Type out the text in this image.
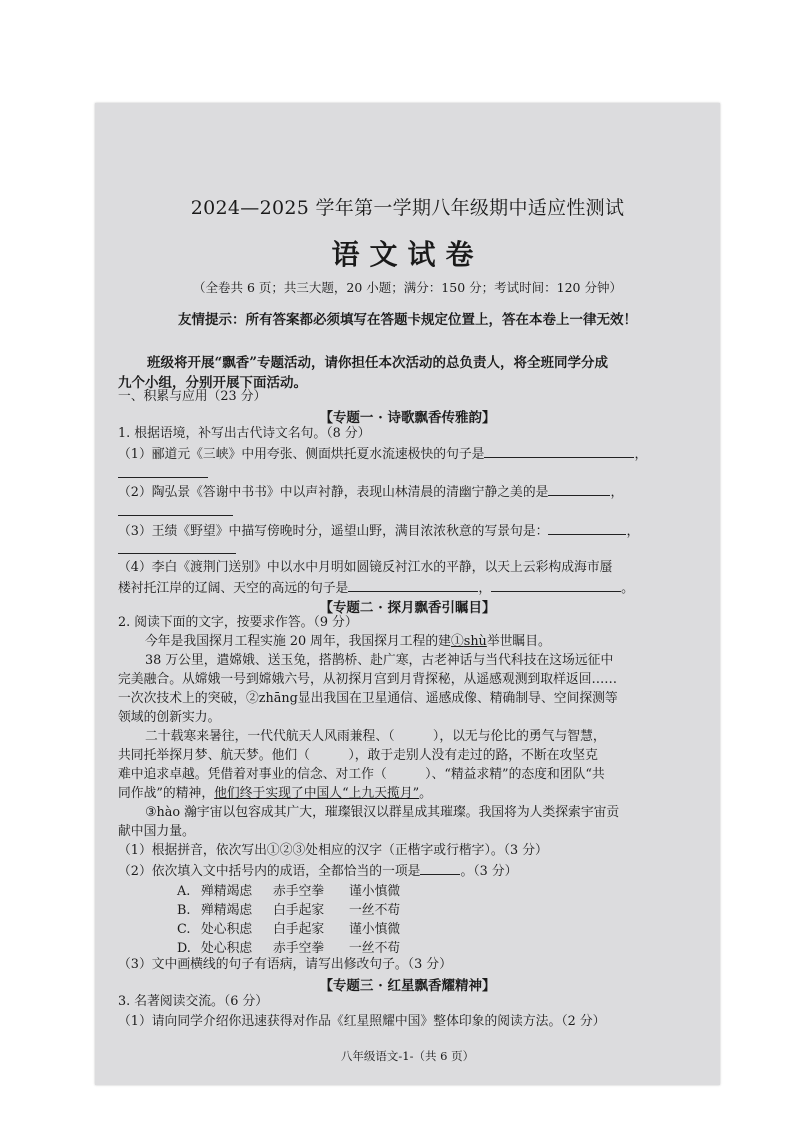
2024—2025 学年第一学期八年级期中适应性测试
语文试卷
（全卷共 6 页；共三大题，20 小题；满分：150 分；考试时间：120 分钟）
友情提示：所有答案都必须填写在答题卡规定位置上，答在本卷上一律无效！
班级将开展“飘香”专题活动，请你担任本次活动的总负责人，将全班同学分成
九个小组，分别开展下面活动。
一、积累与应用（23 分）
【专题一 · 诗歌飘香传雅韵】
1. 根据语境，补写出古代诗文名句。（8 分）
（1）郦道元《三峡》中用夸张、侧面烘托夏水流速极快的句子是	，
（2）陶弘景《答谢中书书》中以声衬静，表现山林清晨的清幽宁静之美的是	，
（3）王绩《野望》中描写傍晚时分，遥望山野，满目浓浓秋意的写景句是：	，
（4）李白《渡荆门送别》中以水中月明如圆镜反衬江水的平静，以天上云彩构成海市蜃
楼衬托江岸的辽阔、天空的高远的句子是	，	。
【专题二 · 探月飘香引瞩目】
2. 阅读下面的文字，按要求作答。（9 分）
今年是我国探月工程实施 20 周年，我国探月工程的建①shù举世瞩目。
38 万公里，遣嫦娥、送玉兔，搭鹊桥、赴广寒，古老神话与当代科技在这场远征中
完美融合。从嫦娥一号到嫦娥六号，从初探月宫到月背探秘，从遥感观测到取样返回……
一次次技术上的突破，②zhāng显出我国在卫星通信、遥感成像、精确制导、空间探测等
领域的创新实力。
二十载寒来暑往，一代代航天人风雨兼程、（　　　），以无与伦比的勇气与智慧，
共同托举探月梦、航天梦。他们（　　　），敢于走别人没有走过的路，不断在攻坚克
难中追求卓越。凭借着对事业的信念、对工作（　　　）、“精益求精”的态度和团队“共
同作战”的精神，他们终于实现了中国人“上九天揽月”。
③hào 瀚宇宙以包容成其广大，璀璨银汉以群星成其璀璨。我国将为人类探索宇宙贡
献中国力量。
（1）根据拼音，依次写出①②③处相应的汉字（正楷字或行楷字）。（3 分）
（2）依次填入文中括号内的成语，全都恰当的一项是	。（3 分）
A. 殚精竭虑 赤手空拳 谨小慎微
B. 殚精竭虑 白手起家 一丝不苟
C. 处心积虑 白手起家 谨小慎微
D. 处心积虑 赤手空拳 一丝不苟
（3）文中画横线的句子有语病，请写出修改句子。（3 分）
【专题三 · 红星飘香耀精神】
3. 名著阅读交流。（6 分）
（1）请向同学介绍你迅速获得对作品《红星照耀中国》整体印象的阅读方法。（2 分）
八年级语文-1-（共 6 页）
